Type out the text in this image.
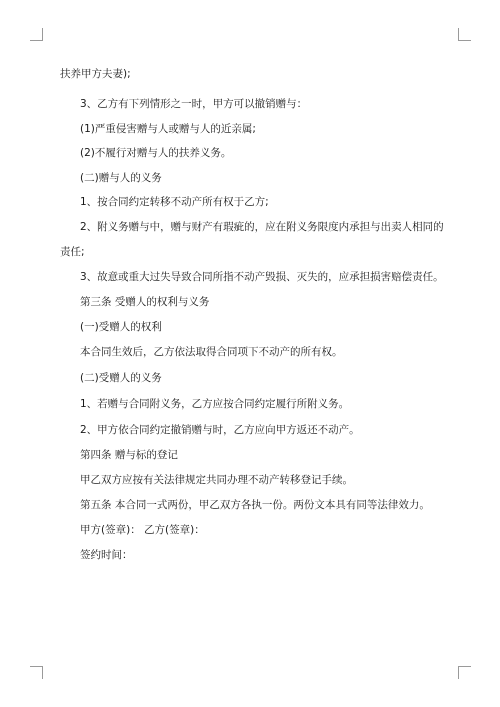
扶养甲方夫妻);
3、乙方有下列情形之一时，甲方可以撤销赠与：
(1)严重侵害赠与人或赠与人的近亲属;
(2)不履行对赠与人的扶养义务。
(二)赠与人的义务
1、按合同约定转移不动产所有权于乙方;
2、附义务赠与中，赠与财产有瑕疵的，应在附义务限度内承担与出卖人相同的
责任;
3、故意或重大过失导致合同所指不动产毁损、灭失的，应承担损害赔偿责任。
第三条 受赠人的权利与义务
(一)受赠人的权利
本合同生效后，乙方依法取得合同项下不动产的所有权。
(二)受赠人的义务
1、若赠与合同附义务，乙方应按合同约定履行所附义务。
2、甲方依合同约定撤销赠与时，乙方应向甲方返还不动产。
第四条 赠与标的登记
甲乙双方应按有关法律规定共同办理不动产转移登记手续。
第五条 本合同一式两份，甲乙双方各执一份。两份文本具有同等法律效力。
甲方(签章)： 乙方(签章)：
签约时间：
